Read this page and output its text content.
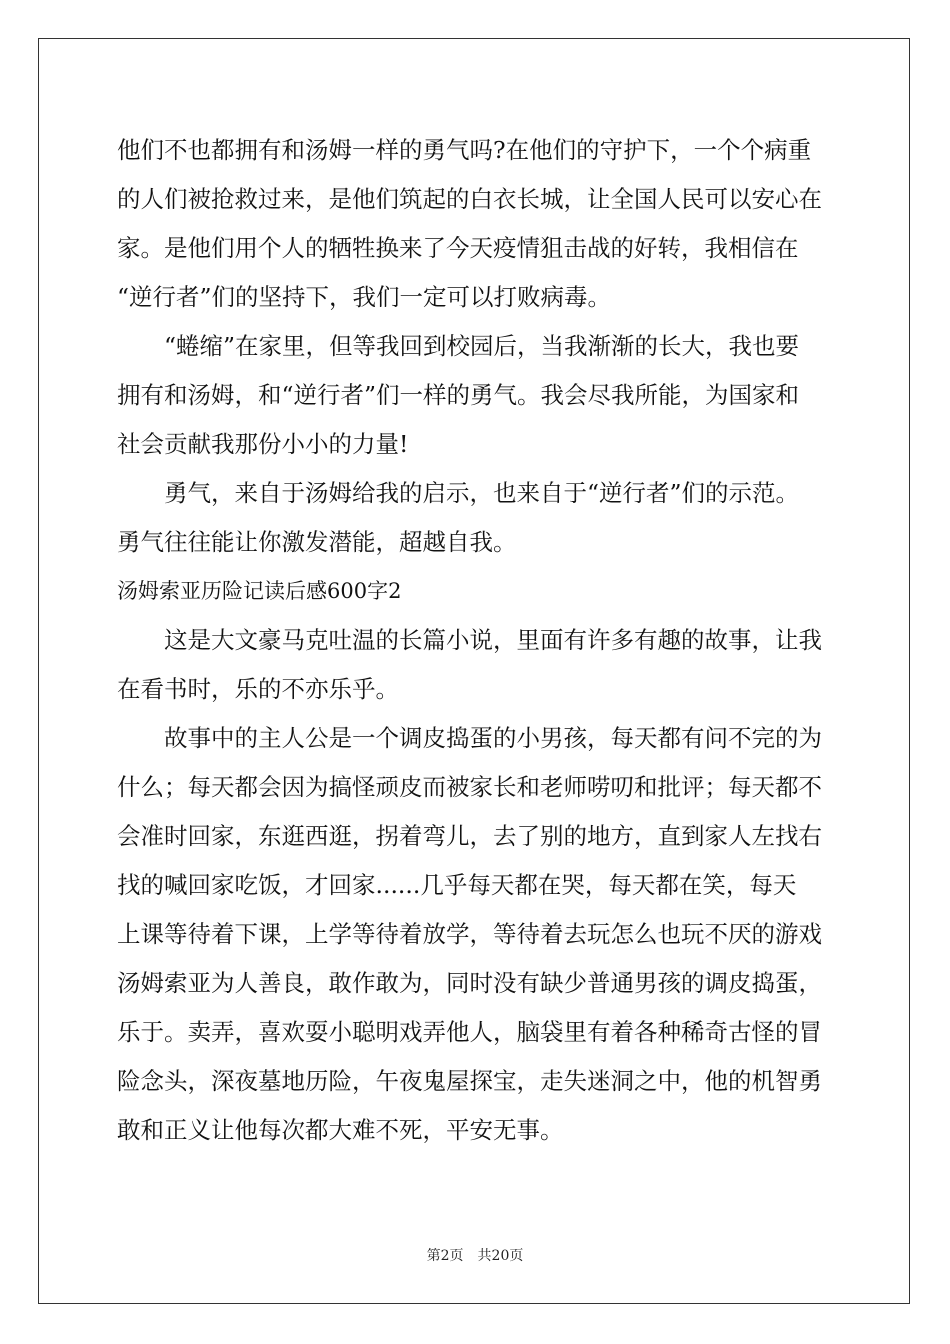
他们不也都拥有和汤姆一样的勇气吗?在他们的守护下，一个个病重
的人们被抢救过来，是他们筑起的白衣长城，让全国人民可以安心在
家。是他们用个人的牺牲换来了今天疫情狙击战的好转，我相信在
“逆行者”们的坚持下，我们一定可以打败病毒。
“蜷缩”在家里，但等我回到校园后，当我渐渐的长大，我也要
拥有和汤姆，和“逆行者”们一样的勇气。我会尽我所能，为国家和
社会贡献我那份小小的力量!
勇气，来自于汤姆给我的启示，也来自于“逆行者”们的示范。
勇气往往能让你激发潜能，超越自我。
汤姆索亚历险记读后感600字2
这是大文豪马克吐温的长篇小说，里面有许多有趣的故事，让我
在看书时，乐的不亦乐乎。
故事中的主人公是一个调皮捣蛋的小男孩，每天都有问不完的为
什么；每天都会因为搞怪顽皮而被家长和老师唠叨和批评；每天都不
会准时回家，东逛西逛，拐着弯儿，去了别的地方，直到家人左找右
找的喊回家吃饭，才回家......几乎每天都在哭，每天都在笑，每天
上课等待着下课，上学等待着放学，等待着去玩怎么也玩不厌的游戏
汤姆索亚为人善良，敢作敢为，同时没有缺少普通男孩的调皮捣蛋，
乐于。卖弄，喜欢耍小聪明戏弄他人，脑袋里有着各种稀奇古怪的冒
险念头，深夜墓地历险，午夜鬼屋探宝，走失迷洞之中，他的机智勇
敢和正义让他每次都大难不死，平安无事。
第2页　共20页
